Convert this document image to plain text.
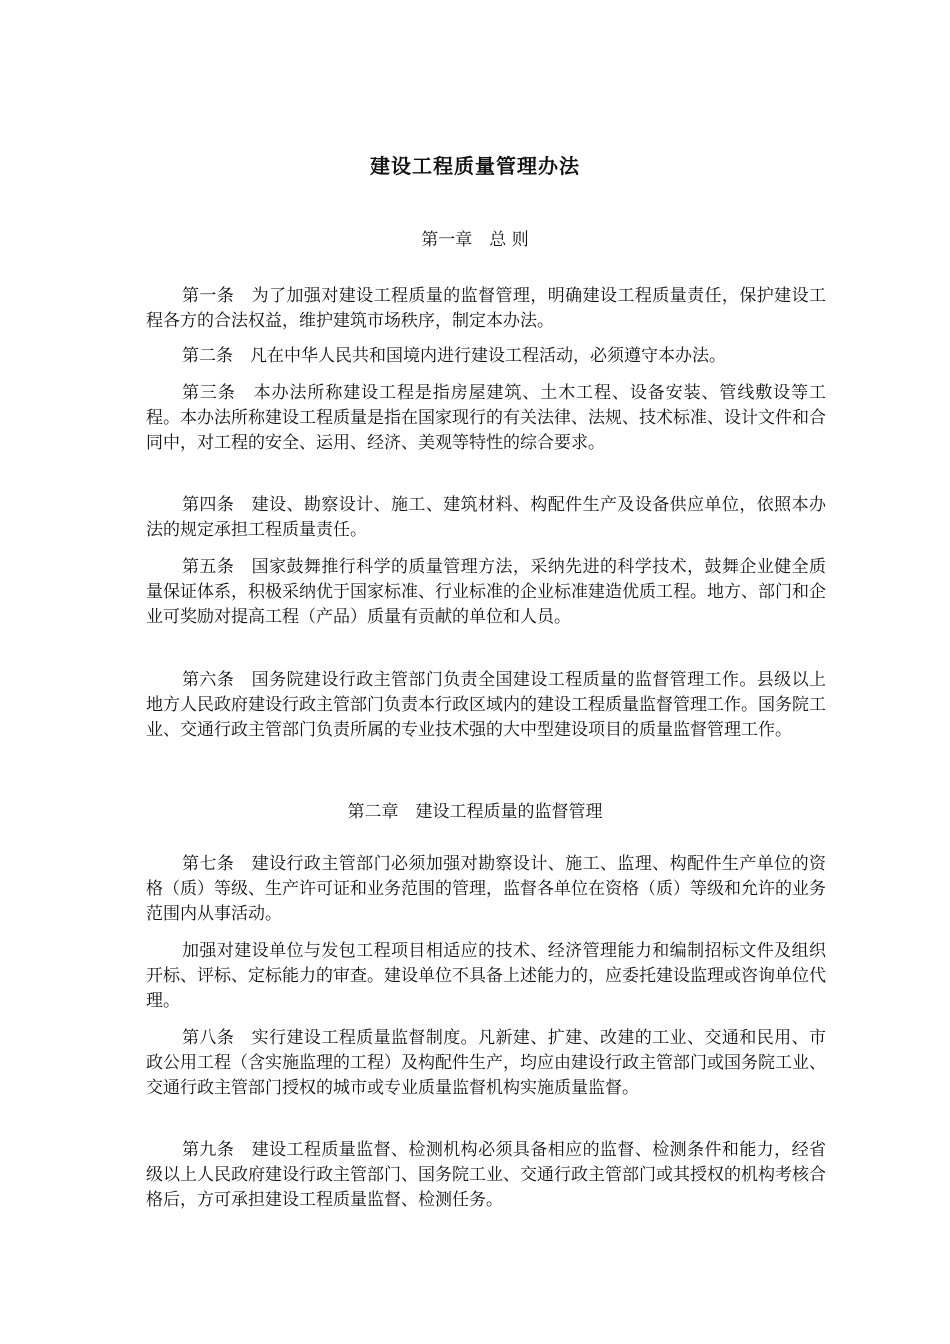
建设工程质量管理办法
第一章　总 则

第一条　为了加强对建设工程质量的监督管理，明确建设工程质量责任，保护建设工程各方的合法权益，维护建筑市场秩序，制定本办法。

第二条　凡在中华人民共和国境内进行建设工程活动，必须遵守本办法。

第三条　本办法所称建设工程是指房屋建筑、土木工程、设备安装、管线敷设等工程。本办法所称建设工程质量是指在国家现行的有关法律、法规、技术标准、设计文件和合同中，对工程的安全、运用、经济、美观等特性的综合要求。

第四条　建设、勘察设计、施工、建筑材料、构配件生产及设备供应单位，依照本办法的规定承担工程质量责任。

第五条　国家鼓舞推行科学的质量管理方法，采纳先进的科学技术，鼓舞企业健全质量保证体系，积极采纳优于国家标准、行业标准的企业标准建造优质工程。地方、部门和企业可奖励对提高工程（产品）质量有贡献的单位和人员。

第六条　国务院建设行政主管部门负责全国建设工程质量的监督管理工作。县级以上地方人民政府建设行政主管部门负责本行政区域内的建设工程质量监督管理工作。国务院工业、交通行政主管部门负责所属的专业技术强的大中型建设项目的质量监督管理工作。

第二章　建设工程质量的监督管理

第七条　建设行政主管部门必须加强对勘察设计、施工、监理、构配件生产单位的资格（质）等级、生产许可证和业务范围的管理，监督各单位在资格（质）等级和允许的业务范围内从事活动。

加强对建设单位与发包工程项目相适应的技术、经济管理能力和编制招标文件及组织开标、评标、定标能力的审查。建设单位不具备上述能力的，应委托建设监理或咨询单位代理。

第八条　实行建设工程质量监督制度。凡新建、扩建、改建的工业、交通和民用、市政公用工程（含实施监理的工程）及构配件生产，均应由建设行政主管部门或国务院工业、交通行政主管部门授权的城市或专业质量监督机构实施质量监督。

第九条　建设工程质量监督、检测机构必须具备相应的监督、检测条件和能力，经省级以上人民政府建设行政主管部门、国务院工业、交通行政主管部门或其授权的机构考核合格后，方可承担建设工程质量监督、检测任务。
